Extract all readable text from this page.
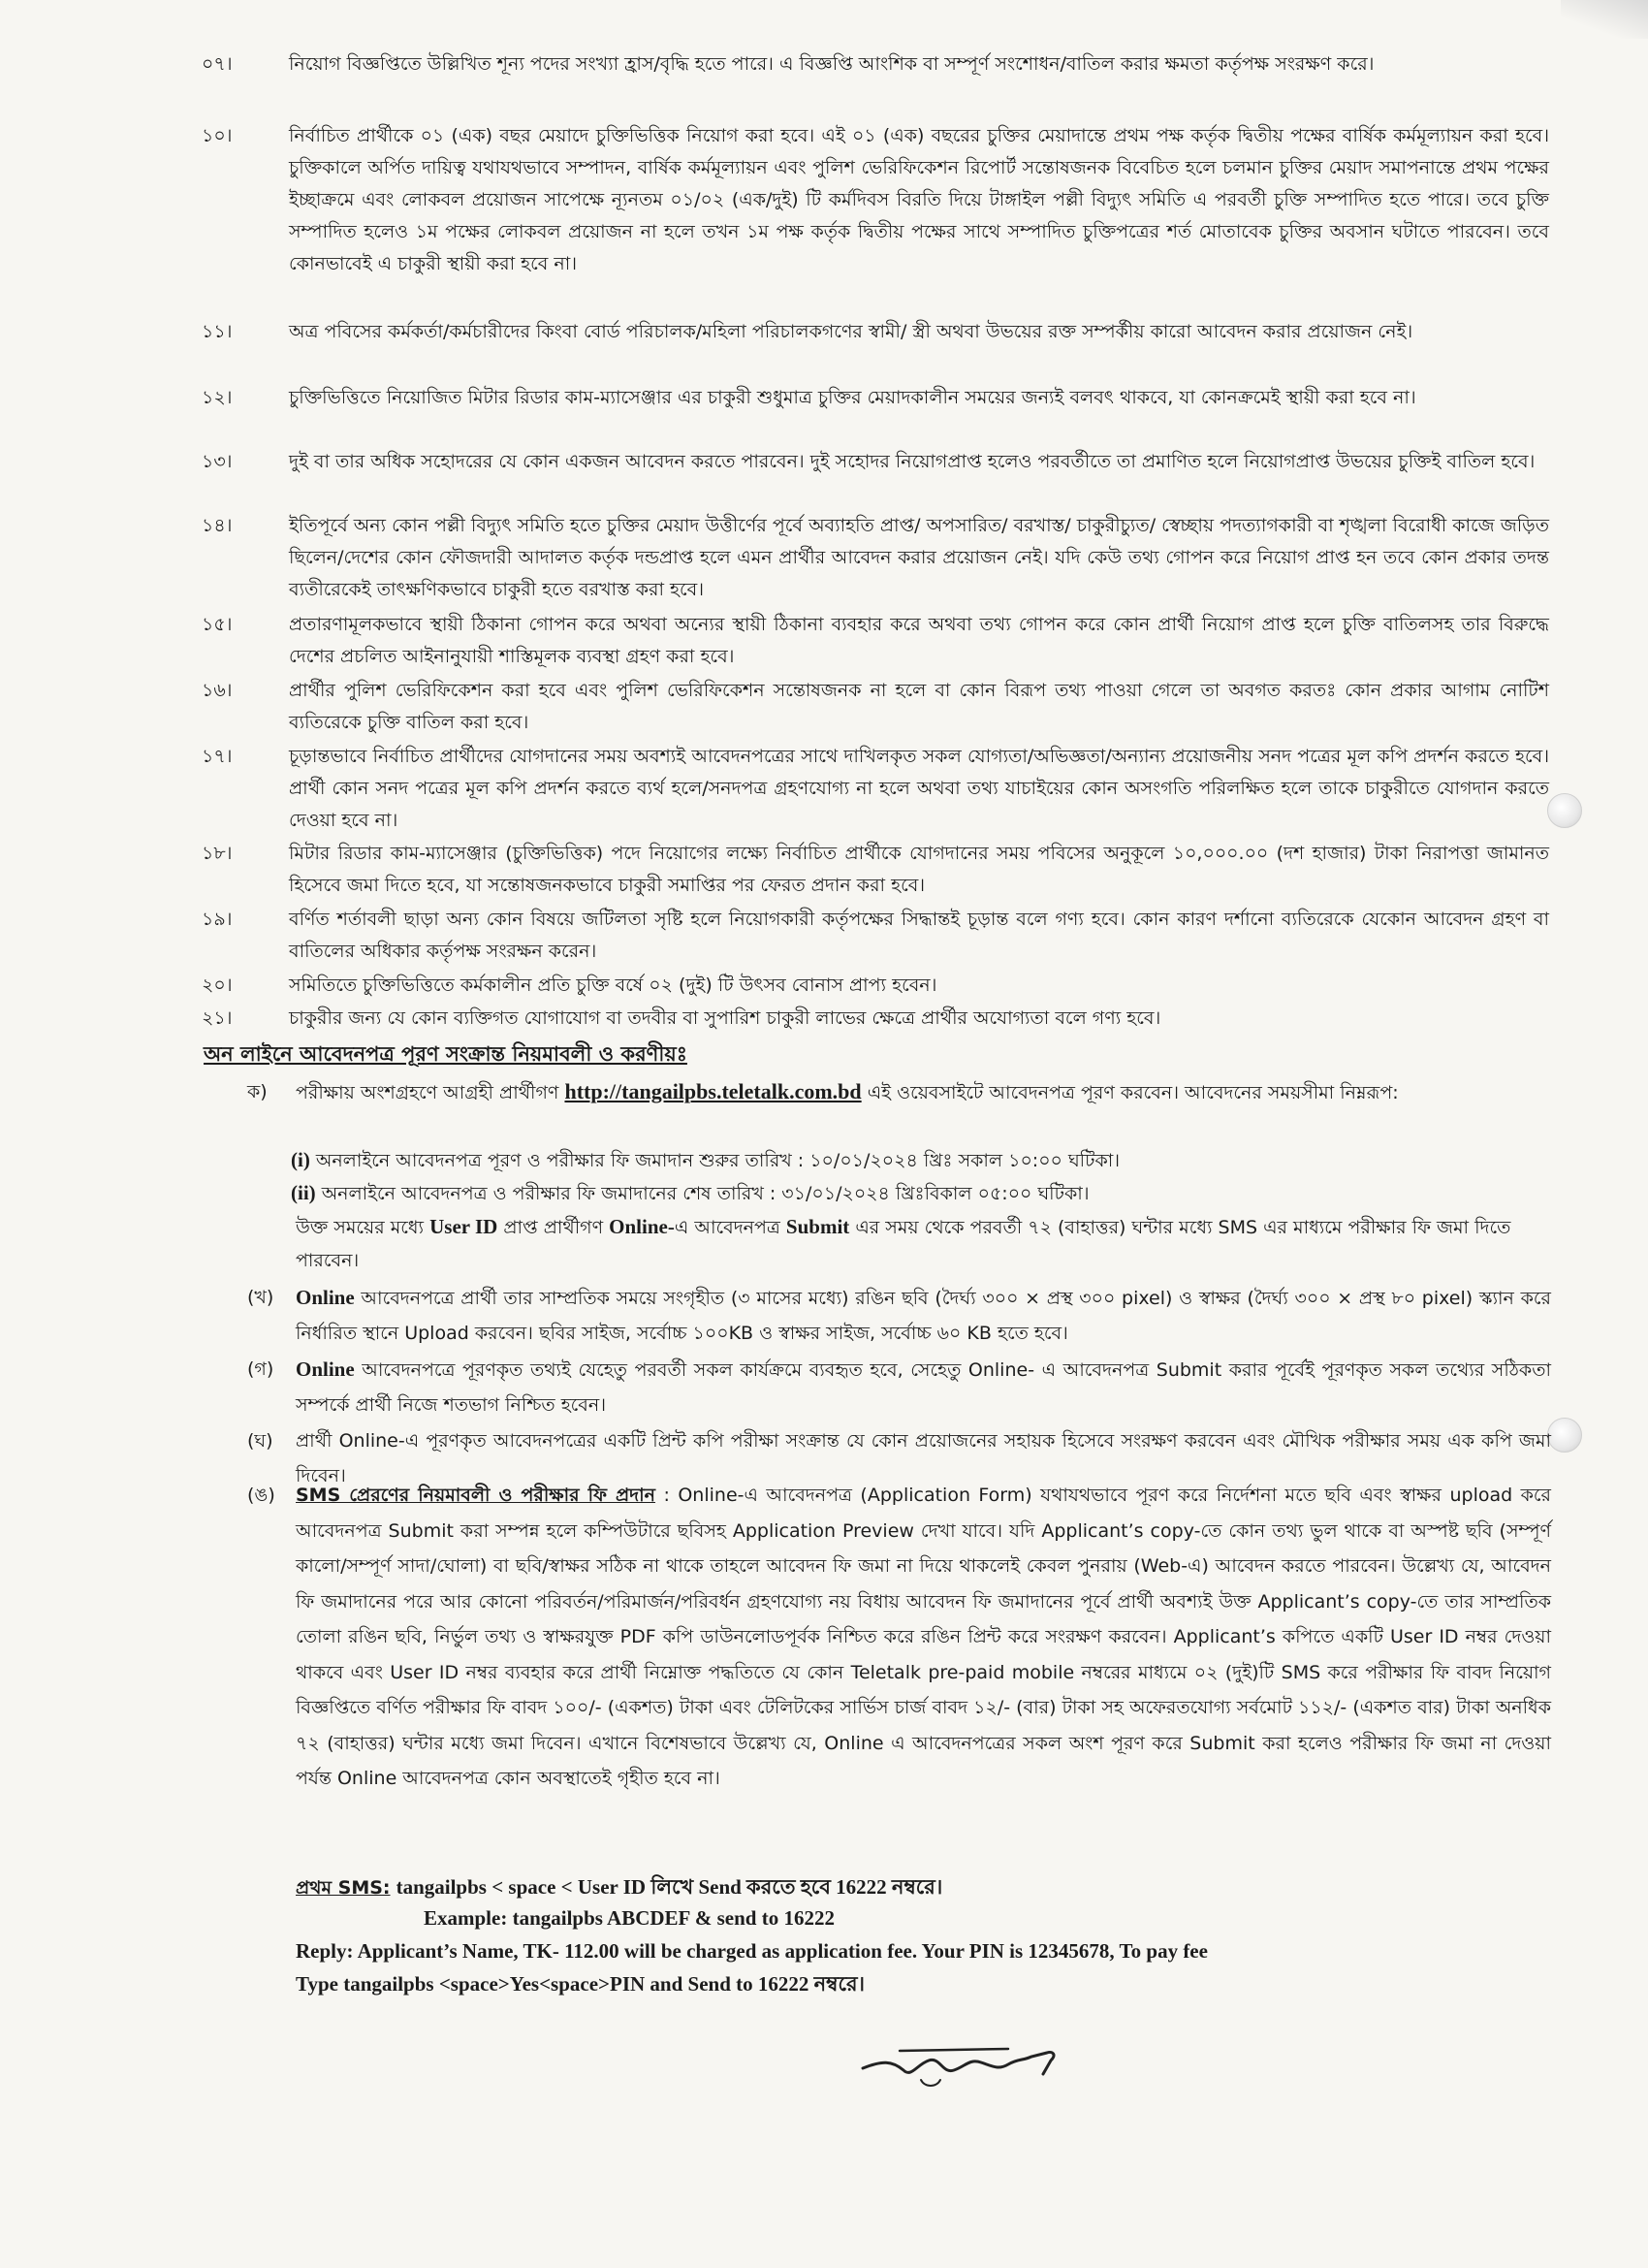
০৭।	নিয়োগ বিজ্ঞপ্তিতে উল্লিখিত শূন্য পদের সংখ্যা হ্রাস/বৃদ্ধি হতে পারে। এ বিজ্ঞপ্তি আংশিক বা সম্পূর্ণ সংশোধন/বাতিল করার ক্ষমতা কর্তৃপক্ষ সংরক্ষণ করে।
১০।	নির্বাচিত প্রার্থীকে ০১ (এক) বছর মেয়াদে চুক্তিভিত্তিক নিয়োগ করা হবে। এই ০১ (এক) বছরের চুক্তির মেয়াদান্তে প্রথম পক্ষ কর্তৃক দ্বিতীয় পক্ষের বার্ষিক কর্মমূল্যায়ন করা হবে। চুক্তিকালে অর্পিত দায়িত্ব যথাযথভাবে সম্পাদন, বার্ষিক কর্মমূল্যায়ন এবং পুলিশ ভেরিফিকেশন রিপোর্ট সন্তোষজনক বিবেচিত হলে চলমান চুক্তির মেয়াদ সমাপনান্তে প্রথম পক্ষের ইচ্ছাক্রমে এবং লোকবল প্রয়োজন সাপেক্ষে ন্যূনতম ০১/০২ (এক/দুই) টি কর্মদিবস বিরতি দিয়ে টাঙ্গাইল পল্লী বিদ্যুৎ সমিতি এ পরবর্তী চুক্তি সম্পাদিত হতে পারে। তবে চুক্তি সম্পাদিত হলেও ১ম পক্ষের লোকবল প্রয়োজন না হলে তখন ১ম পক্ষ কর্তৃক দ্বিতীয় পক্ষের সাথে সম্পাদিত চুক্তিপত্রের শর্ত মোতাবেক চুক্তির অবসান ঘটাতে পারবেন। তবে কোনভাবেই এ চাকুরী স্থায়ী করা হবে না।
১১।	অত্র পবিসের কর্মকর্তা/কর্মচারীদের কিংবা বোর্ড পরিচালক/মহিলা পরিচালকগণের স্বামী/ স্ত্রী অথবা উভয়ের রক্ত সম্পর্কীয় কারো আবেদন করার প্রয়োজন নেই।
১২।	চুক্তিভিত্তিতে নিয়োজিত মিটার রিডার কাম-ম্যাসেঞ্জার এর চাকুরী শুধুমাত্র চুক্তির মেয়াদকালীন সময়ের জন্যই বলবৎ থাকবে, যা কোনক্রমেই স্থায়ী করা হবে না।
১৩।	দুই বা তার অধিক সহোদরের যে কোন একজন আবেদন করতে পারবেন। দুই সহোদর নিয়োগপ্রাপ্ত হলেও পরবর্তীতে তা প্রমাণিত হলে নিয়োগপ্রাপ্ত উভয়ের চুক্তিই বাতিল হবে।
১৪।	ইতিপূর্বে অন্য কোন পল্লী বিদ্যুৎ সমিতি হতে চুক্তির মেয়াদ উত্তীর্ণের পূর্বে অব্যাহতি প্রাপ্ত/ অপসারিত/ বরখাস্ত/ চাকুরীচ্যুত/ স্বেচ্ছায় পদত্যাগকারী বা শৃঙ্খলা বিরোধী কাজে জড়িত ছিলেন/দেশের কোন ফৌজদারী আদালত কর্তৃক দন্ডপ্রাপ্ত হলে এমন প্রার্থীর আবেদন করার প্রয়োজন নেই। যদি কেউ তথ্য গোপন করে নিয়োগ প্রাপ্ত হন তবে কোন প্রকার তদন্ত ব্যতীরেকেই তাৎক্ষণিকভাবে চাকুরী হতে বরখাস্ত করা হবে।
১৫।	প্রতারণামূলকভাবে স্থায়ী ঠিকানা গোপন করে অথবা অন্যের স্থায়ী ঠিকানা ব্যবহার করে অথবা তথ্য গোপন করে কোন প্রার্থী নিয়োগ প্রাপ্ত হলে চুক্তি বাতিলসহ তার বিরুদ্ধে দেশের প্রচলিত আইনানুযায়ী শাস্তিমূলক ব্যবস্থা গ্রহণ করা হবে।
১৬।	প্রার্থীর পুলিশ ভেরিফিকেশন করা হবে এবং পুলিশ ভেরিফিকেশন সন্তোষজনক না হলে বা কোন বিরূপ তথ্য পাওয়া গেলে তা অবগত করতঃ কোন প্রকার আগাম নোটিশ ব্যতিরেকে চুক্তি বাতিল করা হবে।
১৭।	চূড়ান্তভাবে নির্বাচিত প্রার্থীদের যোগদানের সময় অবশ্যই আবেদনপত্রের সাথে দাখিলকৃত সকল যোগ্যতা/অভিজ্ঞতা/অন্যান্য প্রয়োজনীয় সনদ পত্রের মূল কপি প্রদর্শন করতে হবে। প্রার্থী কোন সনদ পত্রের মূল কপি প্রদর্শন করতে ব্যর্থ হলে/সনদপত্র গ্রহণযোগ্য না হলে অথবা তথ্য যাচাইয়ের কোন অসংগতি পরিলক্ষিত হলে তাকে চাকুরীতে যোগদান করতে দেওয়া হবে না।
১৮।	মিটার রিডার কাম-ম্যাসেঞ্জার (চুক্তিভিত্তিক) পদে নিয়োগের লক্ষ্যে নির্বাচিত প্রার্থীকে যোগদানের সময় পবিসের অনুকূলে ১০,০০০.০০ (দশ হাজার) টাকা নিরাপত্তা জামানত হিসেবে জমা দিতে হবে, যা সন্তোষজনকভাবে চাকুরী সমাপ্তির পর ফেরত প্রদান করা হবে।
১৯।	বর্ণিত শর্তাবলী ছাড়া অন্য কোন বিষয়ে জটিলতা সৃষ্টি হলে নিয়োগকারী কর্তৃপক্ষের সিদ্ধান্তই চূড়ান্ত বলে গণ্য হবে। কোন কারণ দর্শানো ব্যতিরেকে যেকোন আবেদন গ্রহণ বা বাতিলের অধিকার কর্তৃপক্ষ সংরক্ষন করেন।
২০।	সমিতিতে চুক্তিভিত্তিতে কর্মকালীন প্রতি চুক্তি বর্ষে ০২ (দুই) টি উৎসব বোনাস প্রাপ্য হবেন।
২১।	চাকুরীর জন্য যে কোন ব্যক্তিগত যোগাযোগ বা তদবীর বা সুপারিশ চাকুরী লাভের ক্ষেত্রে প্রার্থীর অযোগ্যতা বলে গণ্য হবে।
অন লাইনে আবেদনপত্র পূরণ সংক্রান্ত নিয়মাবলী ও করণীয়ঃ
ক)	পরীক্ষায় অংশগ্রহণে আগ্রহী প্রার্থীগণ http://tangailpbs.teletalk.com.bd এই ওয়েবসাইটে আবেদনপত্র পূরণ করবেন। আবেদনের সময়সীমা নিম্নরূপ:
(i) অনলাইনে আবেদনপত্র পূরণ ও পরীক্ষার ফি জমাদান শুরুর তারিখ : ১০/০১/২০২৪ খ্রিঃ সকাল ১০:০০ ঘটিকা।
(ii) অনলাইনে আবেদনপত্র ও পরীক্ষার ফি জমাদানের শেষ তারিখ : ৩১/০১/২০২৪ খ্রিঃবিকাল ০৫:০০ ঘটিকা।
উক্ত সময়ের মধ্যে User ID প্রাপ্ত প্রার্থীগণ Online-এ আবেদনপত্র Submit এর সময় থেকে পরবর্তী ৭২ (বাহাত্তর) ঘন্টার মধ্যে SMS এর মাধ্যমে পরীক্ষার ফি জমা দিতে পারবেন।
(খ)	Online আবেদনপত্রে প্রার্থী তার সাম্প্রতিক সময়ে সংগৃহীত (৩ মাসের মধ্যে) রঙিন ছবি (দৈর্ঘ্য ৩০০ × প্রস্থ ৩০০ pixel) ও স্বাক্ষর (দৈর্ঘ্য ৩০০ × প্রস্থ ৮০ pixel) স্ক্যান করে নির্ধারিত স্থানে Upload করবেন। ছবির সাইজ, সর্বোচ্চ ১০০KB ও স্বাক্ষর সাইজ, সর্বোচ্চ ৬০ KB হতে হবে।
(গ)	Online আবেদনপত্রে পূরণকৃত তথ্যই যেহেতু পরবর্তী সকল কার্যক্রমে ব্যবহৃত হবে, সেহেতু Online- এ আবেদনপত্র Submit করার পূর্বেই পূরণকৃত সকল তথ্যের সঠিকতা সম্পর্কে প্রার্থী নিজে শতভাগ নিশ্চিত হবেন।
(ঘ)	প্রার্থী Online-এ পূরণকৃত আবেদনপত্রের একটি প্রিন্ট কপি পরীক্ষা সংক্রান্ত যে কোন প্রয়োজনের সহায়ক হিসেবে সংরক্ষণ করবেন এবং মৌখিক পরীক্ষার সময় এক কপি জমা দিবেন।
(ঙ)	SMS প্রেরণের নিয়মাবলী ও পরীক্ষার ফি প্রদান : Online-এ আবেদনপত্র (Application Form) যথাযথভাবে পূরণ করে নির্দেশনা মতে ছবি এবং স্বাক্ষর upload করে আবেদনপত্র Submit করা সম্পন্ন হলে কম্পিউটারে ছবিসহ Application Preview দেখা যাবে। যদি Applicant’s copy-তে কোন তথ্য ভুল থাকে বা অস্পষ্ট ছবি (সম্পূর্ণ কালো/সম্পূর্ণ সাদা/ঘোলা) বা ছবি/স্বাক্ষর সঠিক না থাকে তাহলে আবেদন ফি জমা না দিয়ে থাকলেই কেবল পুনরায় (Web-এ) আবেদন করতে পারবেন। উল্লেখ্য যে, আবেদন ফি জমাদানের পরে আর কোনো পরিবর্তন/পরিমার্জন/পরিবর্ধন গ্রহণযোগ্য নয় বিধায় আবেদন ফি জমাদানের পূর্বে প্রার্থী অবশ্যই উক্ত Applicant’s copy-তে তার সাম্প্রতিক তোলা রঙিন ছবি, নির্ভুল তথ্য ও স্বাক্ষরযুক্ত PDF কপি ডাউনলোডপূর্বক নিশ্চিত করে রঙিন প্রিন্ট করে সংরক্ষণ করবেন। Applicant’s কপিতে একটি User ID নম্বর দেওয়া থাকবে এবং User ID নম্বর ব্যবহার করে প্রার্থী নিম্নোক্ত পদ্ধতিতে যে কোন Teletalk pre-paid mobile নম্বরের মাধ্যমে ০২ (দুই)টি SMS করে পরীক্ষার ফি বাবদ নিয়োগ বিজ্ঞপ্তিতে বর্ণিত পরীক্ষার ফি বাবদ ১০০/- (একশত) টাকা এবং টেলিটকের সার্ভিস চার্জ বাবদ ১২/- (বার) টাকা সহ অফেরতযোগ্য সর্বমোট ১১২/- (একশত বার) টাকা অনধিক ৭২ (বাহাত্তর) ঘন্টার মধ্যে জমা দিবেন। এখানে বিশেষভাবে উল্লেখ্য যে, Online এ আবেদনপত্রের সকল অংশ পূরণ করে Submit করা হলেও পরীক্ষার ফি জমা না দেওয়া পর্যন্ত Online আবেদনপত্র কোন অবস্থাতেই গৃহীত হবে না।
প্রথম SMS: tangailpbs < space < User ID লিখে Send করতে হবে 16222 নম্বরে।
Example: tangailpbs ABCDEF & send to 16222
Reply: Applicant’s Name, TK- 112.00 will be charged as application fee. Your PIN is 12345678, To pay fee
Type tangailpbs <space>Yes<space>PIN and Send to 16222 নম্বরে।
